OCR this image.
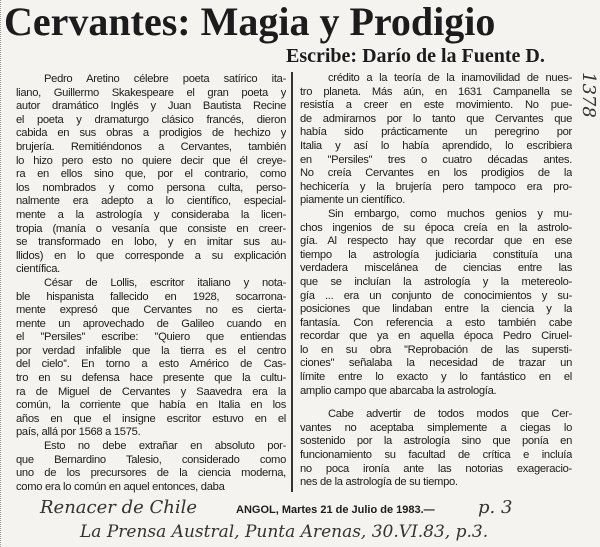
Cervantes: Magia y Prodigio
Escribe: Darío de la Fuente D.
1378
Pedro Aretino célebre poeta satírico ita-
liano, Guillermo Skakespeare el gran poeta y
autor dramático Inglés y Juan Bautista Recine
el poeta y dramaturgo clásico francés, dieron
cabida en sus obras a prodigios de hechizo y
brujería. Remitiéndonos a Cervantes, también
lo hizo pero esto no quiere decir que él creye-
ra en ellos sino que, por el contrario, como
los nombrados y como persona culta, perso-
nalmente era adepto a lo científico, especial-
mente a la astrología y consideraba la licen-
tropia (manía o vesanía que consiste en creer-
se transformado en lobo, y en imitar sus au-
llidos) en lo que corresponde a su explicación
científica.
César de Lollis, escritor italiano y nota-
ble hispanista fallecido en 1928, socarrona-
mente expresó que Cervantes no es cierta-
mente un aprovechado de Galileo cuando en
el ''Persiles'' escribe: ''Quiero que entiendas
por verdad infalible que la tierra es el centro
del cielo''. En torno a esto Américo de Cas-
tro en su defensa hace presente que la cultu-
ra de Miguel de Cervantes y Saavedra era la
común, la corriente que había en Italia en los
años en que el insigne escritor estuvo en el
país, allá por 1568 a 1575.
Esto no debe extrañar en absoluto por-
que Bernardino Talesio, considerado como
uno de los precursores de la ciencia moderna,
como era lo común en aquel entonces, daba
crédito a la teoría de la inamovilidad de nues-
tro planeta. Más aún, en 1631 Campanella se
resistía a creer en este movimiento. No pue-
de admirarnos por lo tanto que Cervantes que
había sido prácticamente un peregrino por
Italia y así lo había aprendido, lo escribiera
en ''Persiles'' tres o cuatro décadas antes.
No creía Cervantes en los prodigios de la
hechicería y la brujería pero tampoco era pro-
piamente un científico.
Sin embargo, como muchos genios y mu-
chos ingenios de su época creía en la astrolo-
gía. Al respecto hay que recordar que en ese
tiempo la astrología judiciaria constituía una
verdadera miscelánea de ciencias entre las
que se incluían la astrología y la metereolo-
gía ... era un conjunto de conocimientos y su-
posiciones que lindaban entre la ciencia y la
fantasía. Con referencia a esto también cabe
recordar que ya en aquella época Pedro Ciruel-
lo en su obra ''Reprobación de las supersti-
ciones'' señalaba la necesidad de trazar un
límite entre lo exacto y lo fantástico en el
amplio campo que abarcaba la astrología.
Cabe advertir de todos modos que Cer-
vantes no aceptaba simplemente a ciegas lo
sostenido por la astrología sino que ponía en
funcionamiento su facultad de crítica e incluía
no poca ironía ante las notorias exageracio-
nes de la astrología de su tiempo.
Renacer de Chile	ANGOL, Martes 21 de Julio de 1983.— p. 3
La Prensa Austral, Punta Arenas, 30.VI.83, p.3.
